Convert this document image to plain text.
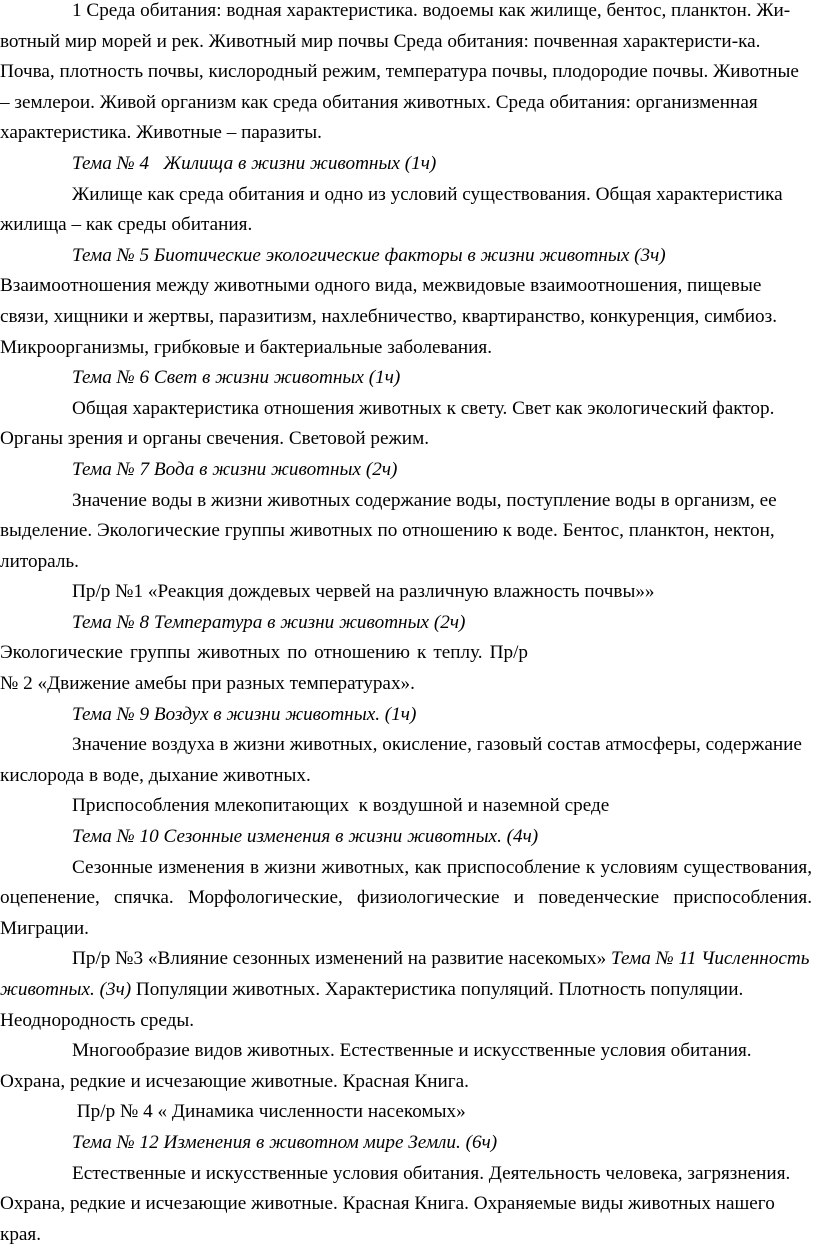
1 Среда обитания: водная характеристика. водоемы как жилище, бентос, планктон. Жи-вотный мир морей и рек. Животный мир почвы Среда обитания: почвенная характеристи-ка. Почва, плотность почвы, кислородный режим, температура почвы, плодородие почвы. Животные – землерои. Живой организм как среда обитания животных. Среда обитания: организменная характеристика. Животные – паразиты.

Тема № 4   Жилища в жизни животных (1ч)

Жилище как среда обитания и одно из условий существования. Общая характеристика жилища – как среды обитания.

Тема № 5 Биотические экологические факторы в жизни животных (3ч)

Взаимоотношения между животными одного вида, межвидовые взаимоотношения, пищевые связи, хищники и жертвы, паразитизм, нахлебничество, квартиранство, конкуренция, симбиоз. Микроорганизмы, грибковые и бактериальные заболевания.

Тема № 6 Свет в жизни животных (1ч)

Общая характеристика отношения животных к свету. Свет как экологический фактор. Органы зрения и органы свечения. Световой режим.

Тема № 7 Вода в жизни животных (2ч)

Значение воды в жизни животных содержание воды, поступление воды в организм, ее выделение. Экологические группы животных по отношению к воде. Бентос, планктон, нектон, литораль.

Пр/р №1 «Реакция дождевых червей на различную влажность почвы»»

Тема № 8 Температура в жизни животных (2ч)

Экологические группы животных по отношению к теплу. Пр/р № 2 «Движение амебы при разных температурах».

Тема № 9 Воздух в жизни животных. (1ч)

Значение воздуха в жизни животных, окисление, газовый состав атмосферы, содержание кислорода в воде, дыхание животных.

Приспособления млекопитающих  к воздушной и наземной среде

Тема № 10 Сезонные изменения в жизни животных. (4ч)

Сезонные изменения в жизни животных, как приспособление к условиям существования, оцепенение, спячка. Морфологические, физиологические и поведенческие приспособления. Миграции.

Пр/р №3 «Влияние сезонных изменений на развитие насекомых» Тема № 11 Численность животных. (3ч) Популяции животных. Характеристика популяций. Плотность популяции. Неоднородность среды.

Многообразие видов животных. Естественные и искусственные условия обитания. Охрана, редкие и исчезающие животные. Красная Книга.

Пр/р № 4 « Динамика численности насекомых»

Тема № 12 Изменения в животном мире Земли. (6ч)

Естественные и искусственные условия обитания. Деятельность человека, загрязнения. Охрана, редкие и исчезающие животные. Красная Книга. Охраняемые виды животных нашего края.
